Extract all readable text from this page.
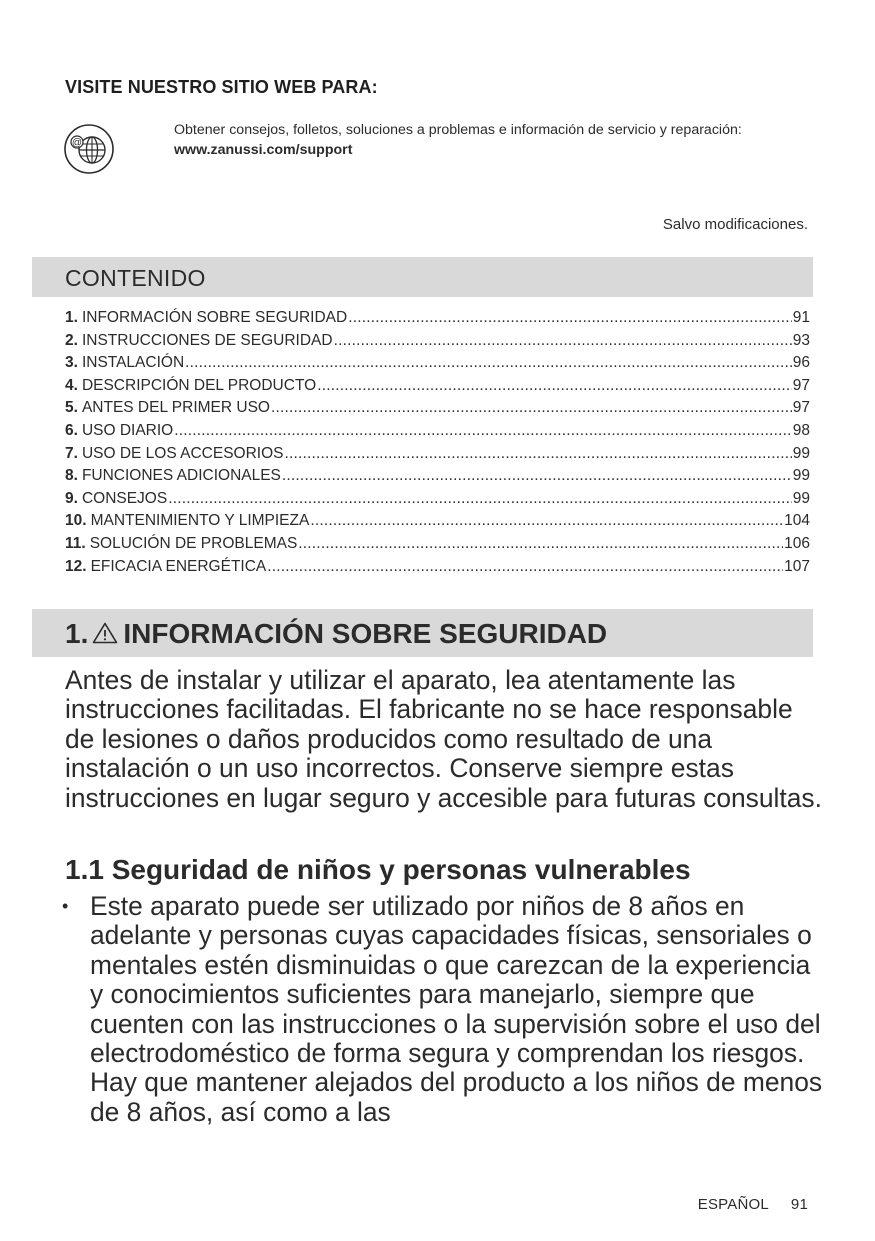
VISITE NUESTRO SITIO WEB PARA:
@
Obtener consejos, folletos, soluciones a problemas e información de servicio y reparación:
www.zanussi.com/support
Salvo modificaciones.
CONTENIDO
1. INFORMACIÓN SOBRE SEGURIDAD .....	91
2. INSTRUCCIONES DE SEGURIDAD .....	93
3. INSTALACIÓN .....	96
4. DESCRIPCIÓN DEL PRODUCTO .....	97
5. ANTES DEL PRIMER USO .....	97
6. USO DIARIO .....	98
7. USO DE LOS ACCESORIOS .....	99
8. FUNCIONES ADICIONALES .....	99
9. CONSEJOS .....	99
10. MANTENIMIENTO Y LIMPIEZA .....	104
11. SOLUCIÓN DE PROBLEMAS .....	106
12. EFICACIA ENERGÉTICA .....	107
1. INFORMACIÓN SOBRE SEGURIDAD

Antes de instalar y utilizar el aparato, lea atentamente las instrucciones facilitadas. El fabricante no se hace responsable de lesiones o daños producidos como resultado de una instalación o un uso incorrectos. Conserve siempre estas instrucciones en lugar seguro y accesible para futuras consultas.

1.1 Seguridad de niños y personas vulnerables
• Este aparato puede ser utilizado por niños de 8 años en adelante y personas cuyas capacidades físicas, sensoriales o mentales estén disminuidas o que carezcan de la experiencia y conocimientos suficientes para manejarlo, siempre que cuenten con las instrucciones o la supervisión sobre el uso del electrodoméstico de forma segura y comprendan los riesgos. Hay que mantener alejados del producto a los niños de menos de 8 años, así como a las
ESPAÑOL 91
